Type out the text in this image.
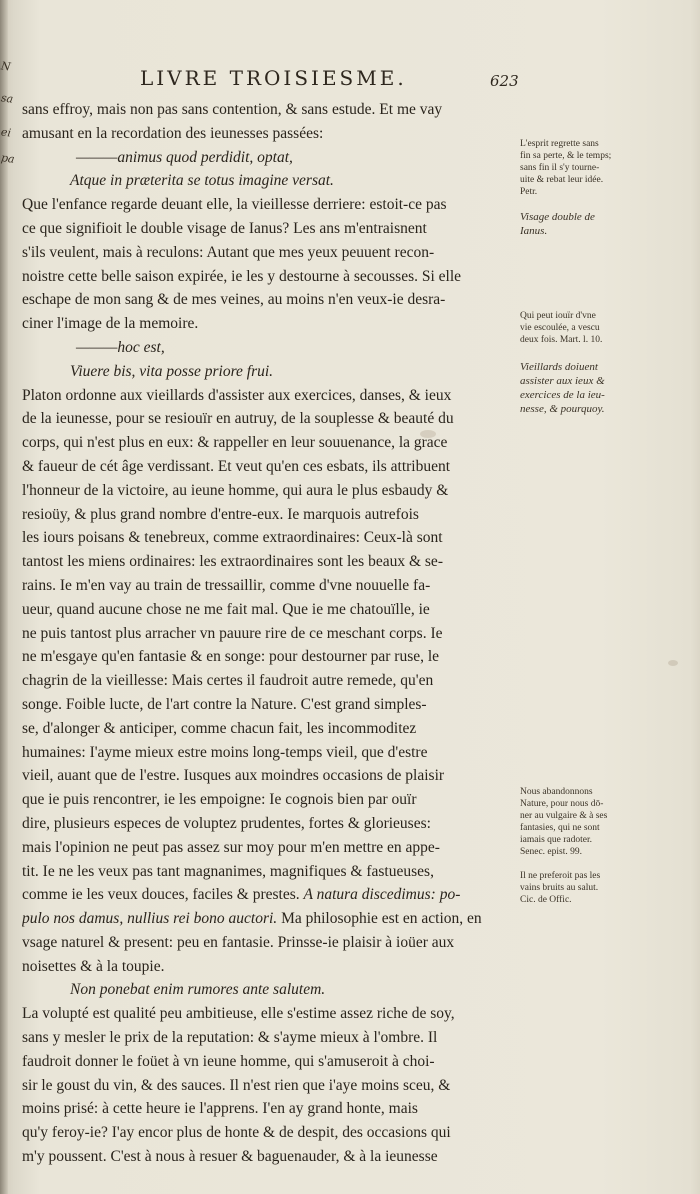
N
sa
ei
pa
LIVRE TROISIESME.	623
sans effroy, mais non pas sans contention, & sans estude. Et me vay
amusant en la recordation des ieunesses passées:
———animus quod perdidit, optat,
Atque in præterita se totus imagine versat.
Que l'enfance regarde deuant elle, la vieillesse derriere: estoit-ce pas
ce que signifioit le double visage de Ianus? Les ans m'entraisnent
s'ils veulent, mais à reculons: Autant que mes yeux peuuent recon-
noistre cette belle saison expirée, ie les y destourne à secousses. Si elle
eschape de mon sang & de mes veines, au moins n'en veux-ie desra-
ciner l'image de la memoire.
———hoc est,
Viuere bis, vita posse priore frui.
Platon ordonne aux vieillards d'assister aux exercices, danses, & ieux
de la ieunesse, pour se resiouïr en autruy, de la souplesse & beauté du
corps, qui n'est plus en eux: & rappeller en leur souuenance, la grace
& faueur de cét âge verdissant. Et veut qu'en ces esbats, ils attribuent
l'honneur de la victoire, au ieune homme, qui aura le plus esbaudy &
resioüy, & plus grand nombre d'entre-eux. Ie marquois autrefois
les iours poisans & tenebreux, comme extraordinaires: Ceux-là sont
tantost les miens ordinaires: les extraordinaires sont les beaux & se-
rains. Ie m'en vay au train de tressaillir, comme d'vne nouuelle fa-
ueur, quand aucune chose ne me fait mal. Que ie me chatouïlle, ie
ne puis tantost plus arracher vn pauure rire de ce meschant corps. Ie
ne m'esgaye qu'en fantasie & en songe: pour destourner par ruse, le
chagrin de la vieillesse: Mais certes il faudroit autre remede, qu'en
songe. Foible lucte, de l'art contre la Nature. C'est grand simples-
se, d'alonger & anticiper, comme chacun fait, les incommoditez
humaines: I'ayme mieux estre moins long-temps vieil, que d'estre
vieil, auant que de l'estre. Iusques aux moindres occasions de plaisir
que ie puis rencontrer, ie les empoigne: Ie cognois bien par ouïr
dire, plusieurs especes de voluptez prudentes, fortes & glorieuses:
mais l'opinion ne peut pas assez sur moy pour m'en mettre en appe-
tit. Ie ne les veux pas tant magnanimes, magnifiques & fastueuses,
comme ie les veux douces, faciles & prestes. A natura discedimus: po-
pulo nos damus, nullius rei bono auctori. Ma philosophie est en action, en
vsage naturel & present: peu en fantasie. Prinsse-ie plaisir à ioüer aux
noisettes & à la toupie.
Non ponebat enim rumores ante salutem.
La volupté est qualité peu ambitieuse, elle s'estime assez riche de soy,
sans y mesler le prix de la reputation: & s'ayme mieux à l'ombre. Il
faudroit donner le foüet à vn ieune homme, qui s'amuseroit à choi-
sir le goust du vin, & des sauces. Il n'est rien que i'aye moins sceu, &
moins prisé: à cette heure ie l'apprens. I'en ay grand honte, mais
qu'y feroy-ie? I'ay encor plus de honte & de despit, des occasions qui
m'y poussent. C'est à nous à resuer & baguenauder, & à la ieunesse
L'esprit regrette sans
fin sa perte, & le temps;
sans fin il s'y tourne-
uite & rebat leur idée.
Petr.
Visage double de
Ianus.
Qui peut iouïr d'vne
vie escoulée, a vescu
deux fois. Mart. l. 10.
Vieillards doiuent
assister aux ieux &
exercices de la ieu-
nesse, & pourquoy.
Nous abandonnons
Nature, pour nous dō-
ner au vulgaire & à ses
fantasies, qui ne sont
iamais que radoter.
Senec. epist. 99.
Il ne preferoit pas les
vains bruits au salut.
Cic. de Offic.
